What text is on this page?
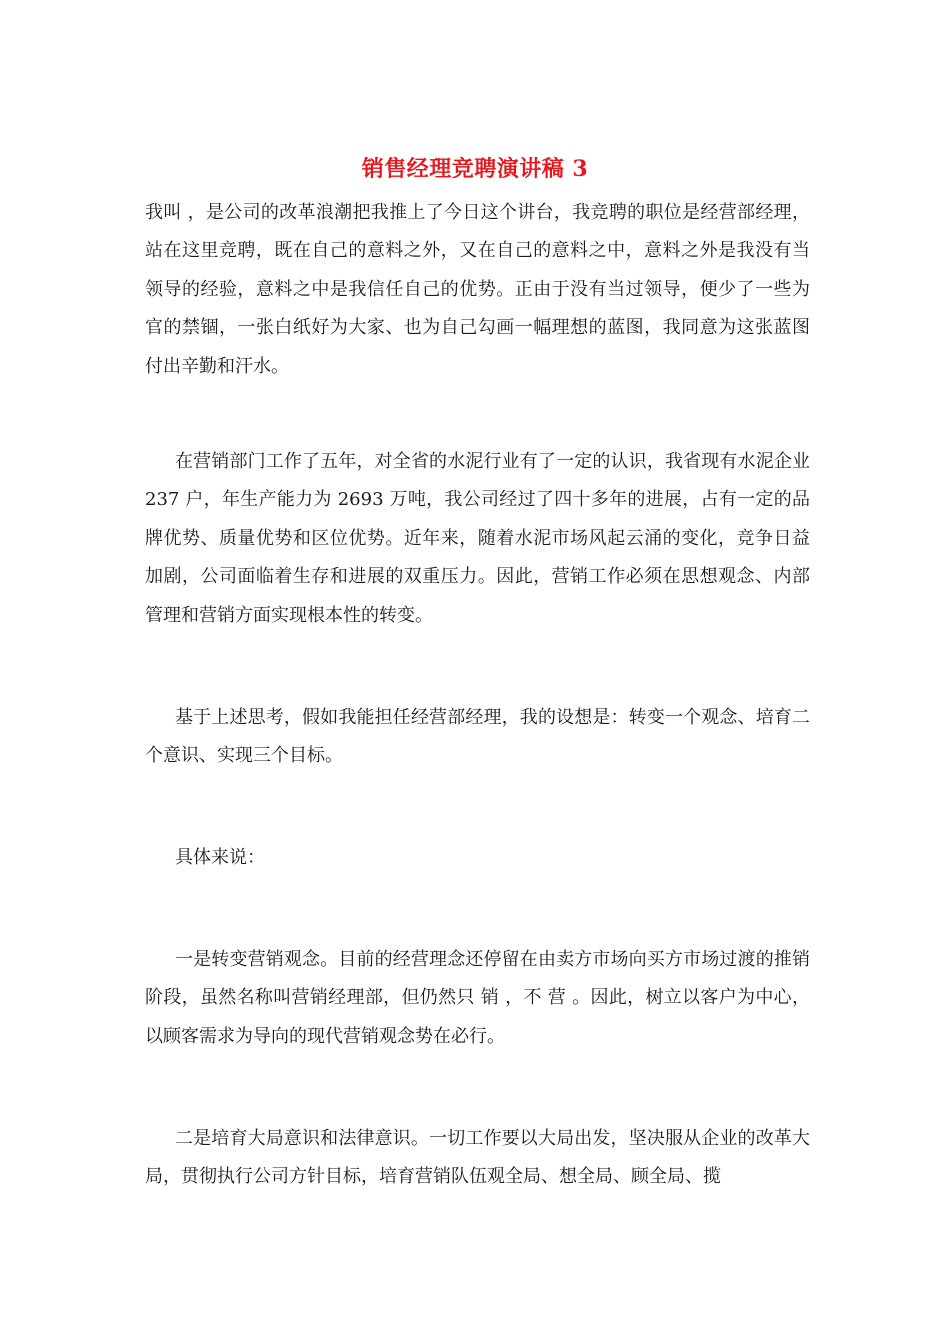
销售经理竞聘演讲稿 3

我叫 ，是公司的改革浪潮把我推上了今日这个讲台，我竞聘的职位是经营部经理，站在这里竞聘，既在自己的意料之外，又在自己的意料之中，意料之外是我没有当领导的经验，意料之中是我信任自己的优势。正由于没有当过领导，便少了一些为官的禁锢，一张白纸好为大家、也为自己勾画一幅理想的蓝图，我同意为这张蓝图付出辛勤和汗水。

在营销部门工作了五年，对全省的水泥行业有了一定的认识，我省现有水泥企业 237 户，年生产能力为 2693 万吨，我公司经过了四十多年的进展，占有一定的品牌优势、质量优势和区位优势。近年来，随着水泥市场风起云涌的变化，竞争日益加剧，公司面临着生存和进展的双重压力。因此，营销工作必须在思想观念、内部管理和营销方面实现根本性的转变。

基于上述思考，假如我能担任经营部经理，我的设想是：转变一个观念、培育二个意识、实现三个目标。

具体来说：

一是转变营销观念。目前的经营理念还停留在由卖方市场向买方市场过渡的推销阶段，虽然名称叫营销经理部，但仍然只 销 ，不 营 。因此，树立以客户为中心，以顾客需求为导向的现代营销观念势在必行。

二是培育大局意识和法律意识。一切工作要以大局出发，坚决服从企业的改革大局，贯彻执行公司方针目标，培育营销队伍观全局、想全局、顾全局、揽
